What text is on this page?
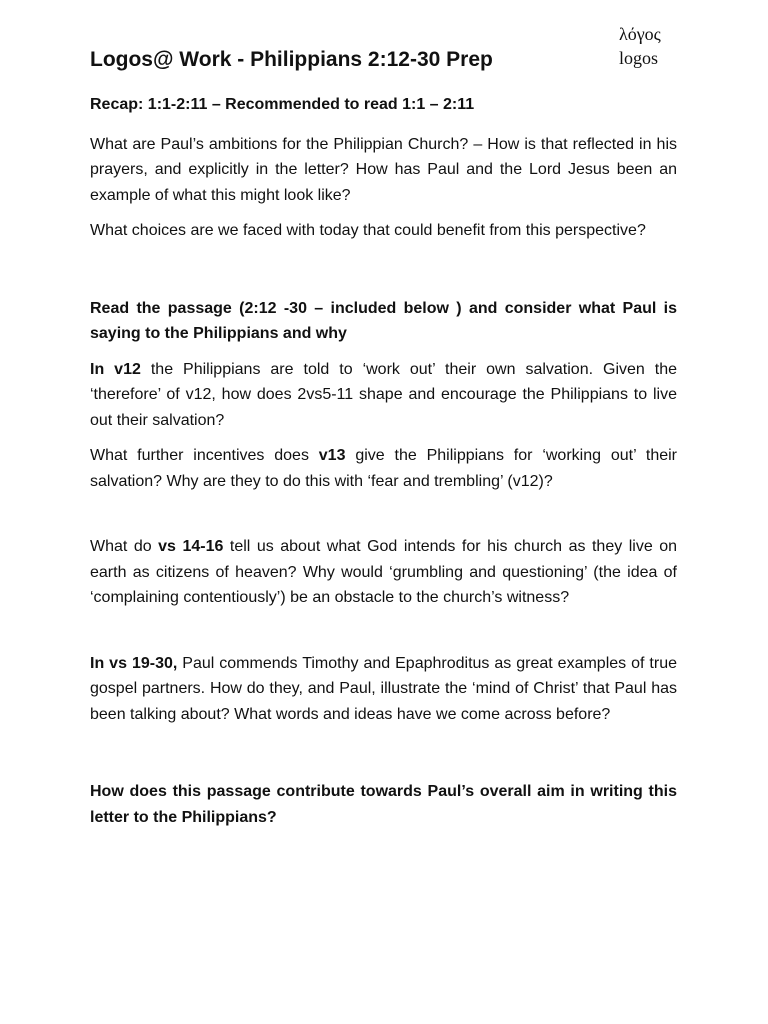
λόγος
logos
Logos@ Work - Philippians 2:12-30 Prep

Recap: 1:1-2:11 – Recommended to read 1:1 – 2:11

What are Paul’s ambitions for the Philippian Church? – How is that reflected in his prayers, and explicitly in the letter? How has Paul and the Lord Jesus been an example of what this might look like?

What choices are we faced with today that could benefit from this perspective?

Read the passage (2:12 -30 – included below ) and consider what Paul is saying to the Philippians and why

In v12 the Philippians are told to ‘work out’ their own salvation. Given the ‘therefore’ of v12, how does 2vs5-11 shape and encourage the Philippians to live out their salvation?

What further incentives does v13 give the Philippians for ‘working out’ their salvation? Why are they to do this with ‘fear and trembling’ (v12)?

What do vs 14-16 tell us about what God intends for his church as they live on earth as citizens of heaven? Why would ‘grumbling and questioning’ (the idea of ‘complaining contentiously’) be an obstacle to the church’s witness?

In vs 19-30, Paul commends Timothy and Epaphroditus as great examples of true gospel partners. How do they, and Paul, illustrate the ‘mind of Christ’ that Paul has been talking about? What words and ideas have we come across before?

How does this passage contribute towards Paul’s overall aim in writing this letter to the Philippians?
